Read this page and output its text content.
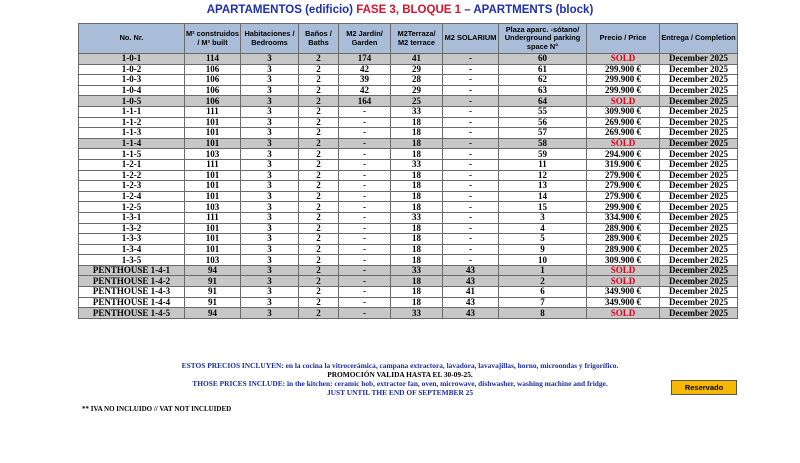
APARTAMENTOS (edificio) FASE 3, BLOQUE 1 – APARTMENTS (block)
No. Nr.	M² construidos / M² built	Habitaciones / Bedrooms	Baños / Baths	M2 Jardín/ Garden	M2Terraza/ M2 terrace	M2 SOLARIUM	Plaza aparc. -sótano/ Underground parking space N°	Precio / Price	Entrega / Completion
1-0-1	114	3	2	174	41	-	60	SOLD	December 2025
1-0-2	106	3	2	42	29	-	61	299.900 €	December 2025
1-0-3	106	3	2	39	28	-	62	299.900 €	December 2025
1-0-4	106	3	2	42	29	-	63	299.900 €	December 2025
1-0-5	106	3	2	164	25	-	64	SOLD	December 2025
1-1-1	111	3	2	-	33	-	55	309.900 €	December 2025
1-1-2	101	3	2	-	18	-	56	269.900 €	December 2025
1-1-3	101	3	2	-	18	-	57	269.900 €	December 2025
1-1-4	101	3	2	-	18	-	58	SOLD	December 2025
1-1-5	103	3	2	-	18	-	59	294.900 €	December 2025
1-2-1	111	3	2	-	33	-	11	319.900 €	December 2025
1-2-2	101	3	2	-	18	-	12	279.900 €	December 2025
1-2-3	101	3	2	-	18	-	13	279.900 €	December 2025
1-2-4	101	3	2	-	18	-	14	279.900 €	December 2025
1-2-5	103	3	2	-	18	-	15	299.900 €	December 2025
1-3-1	111	3	2	-	33	-	3	334.900 €	December 2025
1-3-2	101	3	2	-	18	-	4	289.900 €	December 2025
1-3-3	101	3	2	-	18	-	5	289.900 €	December 2025
1-3-4	101	3	2	-	18	-	9	289.900 €	December 2025
1-3-5	103	3	2	-	18	-	10	309.900 €	December 2025
PENTHOUSE 1-4-1	94	3	2	-	33	43	1	SOLD	December 2025
PENTHOUSE 1-4-2	91	3	2	-	18	43	2	SOLD	December 2025
PENTHOUSE 1-4-3	91	3	2	-	18	41	6	349.900 €	December 2025
PENTHOUSE 1-4-4	91	3	2	-	18	43	7	349.900 €	December 2025
PENTHOUSE 1-4-5	94	3	2	-	33	43	8	SOLD	December 2025
ESTOS PRECIOS INCLUYEN: en la cocina la vitrocerámica, campana extractora, lavadora, lavavajillas, horno, microondas y frigorífico.
PROMOCIÓN VALIDA HASTA EL 30-09-25.
THOSE PRICES INCLUDE: in the kitchen: ceramic hob, extractor fan, oven, microwave, dishwasher, washing machine and fridge.
JUST UNTIL THE END OF SEPTEMBER 25
Reservado
** IVA NO INCLUIDO // VAT NOT INCLUIDED
